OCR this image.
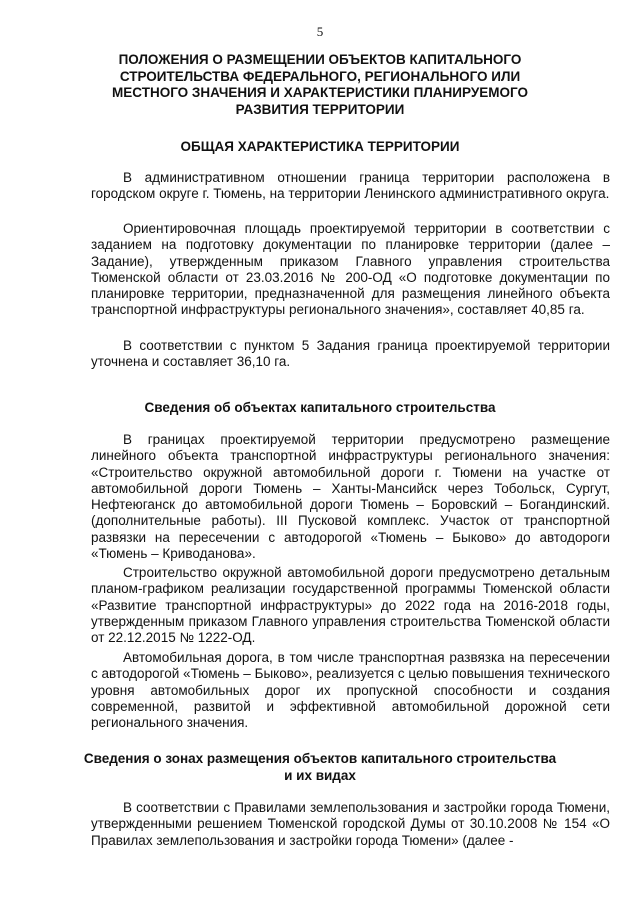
5
ПОЛОЖЕНИЯ О РАЗМЕЩЕНИИ ОБЪЕКТОВ КАПИТАЛЬНОГО СТРОИТЕЛЬСТВА ФЕДЕРАЛЬНОГО, РЕГИОНАЛЬНОГО ИЛИ МЕСТНОГО ЗНАЧЕНИЯ И ХАРАКТЕРИСТИКИ ПЛАНИРУЕМОГО РАЗВИТИЯ ТЕРРИТОРИИ
ОБЩАЯ ХАРАКТЕРИСТИКА ТЕРРИТОРИИ

В административном отношении граница территории расположена в городском округе г. Тюмень, на территории Ленинского административного округа.

Ориентировочная площадь проектируемой территории в соответствии с заданием на подготовку документации по планировке территории (далее – Задание), утвержденным приказом Главного управления строительства Тюменской области от 23.03.2016 № 200-ОД «О подготовке документации по планировке территории, предназначенной для размещения линейного объекта транспортной инфраструктуры регионального значения», составляет 40,85 га.

В соответствии с пунктом 5 Задания граница проектируемой территории уточнена и составляет 36,10 га.

Сведения об объектах капитального строительства

В границах проектируемой территории предусмотрено размещение линейного объекта транспортной инфраструктуры регионального значения: «Строительство окружной автомобильной дороги г. Тюмени на участке от автомобильной дороги Тюмень – Ханты-Мансийск через Тобольск, Сургут, Нефтеюганск до автомобильной дороги Тюмень – Боровский – Богандинский. (дополнительные работы). III Пусковой комплекс. Участок от транспортной развязки на пересечении с автодорогой «Тюмень – Быково» до автодороги «Тюмень – Криводанова».

Строительство окружной автомобильной дороги предусмотрено детальным планом-графиком реализации государственной программы Тюменской области «Развитие транспортной инфраструктуры» до 2022 года на 2016-2018 годы, утвержденным приказом Главного управления строительства Тюменской области от 22.12.2015 № 1222-ОД.

Автомобильная дорога, в том числе транспортная развязка на пересечении с автодорогой «Тюмень – Быково», реализуется с целью повышения технического уровня автомобильных дорог их пропускной способности и создания современной, развитой и эффективной автомобильной дорожной сети регионального значения.

Сведения о зонах размещения объектов капитального строительства и их видах

В соответствии с Правилами землепользования и застройки города Тюмени, утвержденными решением Тюменской городской Думы от 30.10.2008 № 154 «О Правилах землепользования и застройки города Тюмени» (далее -
